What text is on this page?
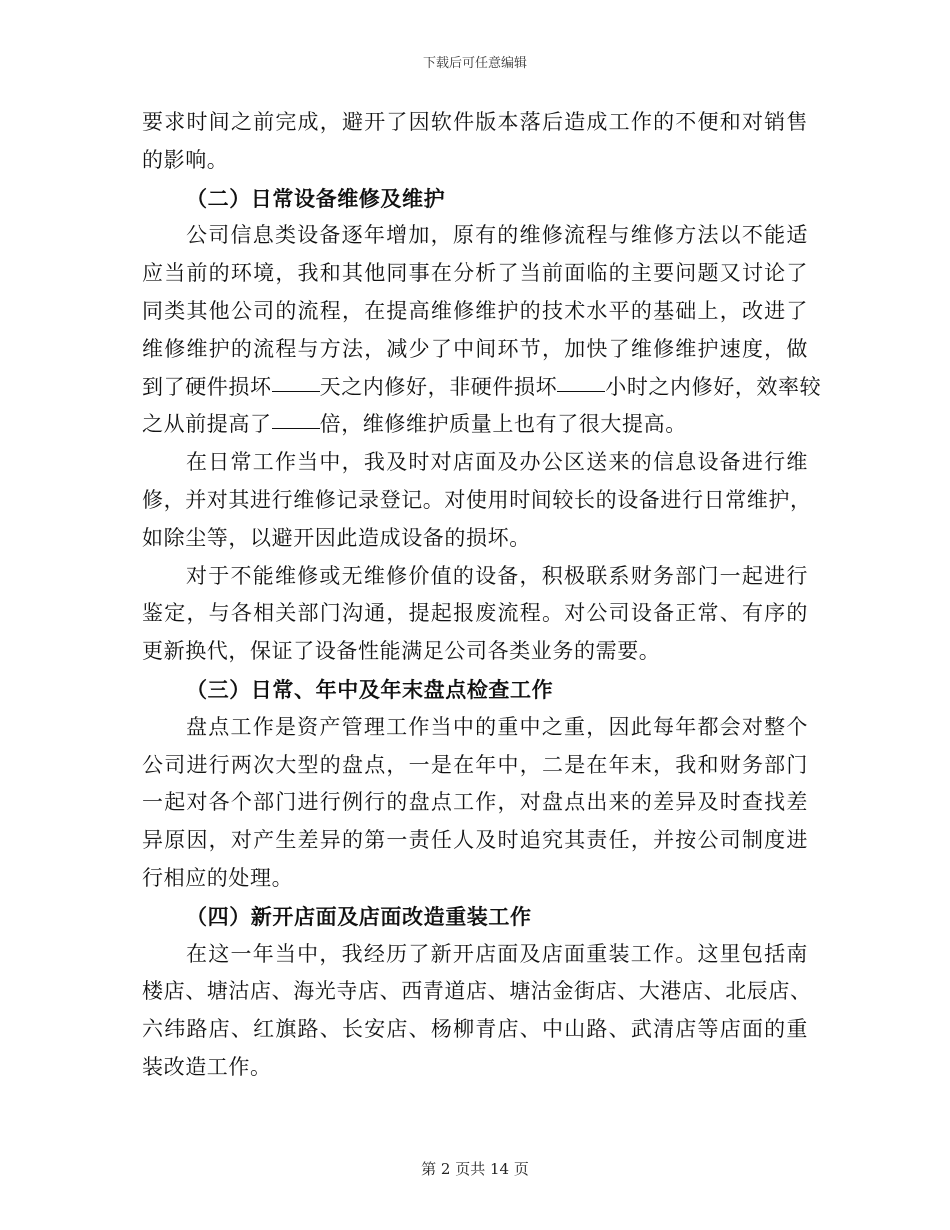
下载后可任意编辑
要求时间之前完成，避开了因软件版本落后造成工作的不便和对销售
的影响。
（二）日常设备维修及维护
公司信息类设备逐年增加，原有的维修流程与维修方法以不能适
应当前的环境，我和其他同事在分析了当前面临的主要问题又讨论了
同类其他公司的流程，在提高维修维护的技术水平的基础上，改进了
维修维护的流程与方法，减少了中间环节，加快了维修维护速度，做
到了硬件损坏 天之内修好，非硬件损坏 小时之内修好，效率较
之从前提高了 倍，维修维护质量上也有了很大提高。
在日常工作当中，我及时对店面及办公区送来的信息设备进行维
修，并对其进行维修记录登记。对使用时间较长的设备进行日常维护，
如除尘等，以避开因此造成设备的损坏。
对于不能维修或无维修价值的设备，积极联系财务部门一起进行
鉴定，与各相关部门沟通，提起报废流程。对公司设备正常、有序的
更新换代，保证了设备性能满足公司各类业务的需要。
（三）日常、年中及年末盘点检查工作
盘点工作是资产管理工作当中的重中之重，因此每年都会对整个
公司进行两次大型的盘点，一是在年中，二是在年末，我和财务部门
一起对各个部门进行例行的盘点工作，对盘点出来的差异及时查找差
异原因，对产生差异的第一责任人及时追究其责任，并按公司制度进
行相应的处理。
（四）新开店面及店面改造重装工作
在这一年当中，我经历了新开店面及店面重装工作。这里包括南
楼店、塘沽店、海光寺店、西青道店、塘沽金街店、大港店、北辰店、
六纬路店、红旗路、长安店、杨柳青店、中山路、武清店等店面的重
装改造工作。
第 2 页共 14 页
